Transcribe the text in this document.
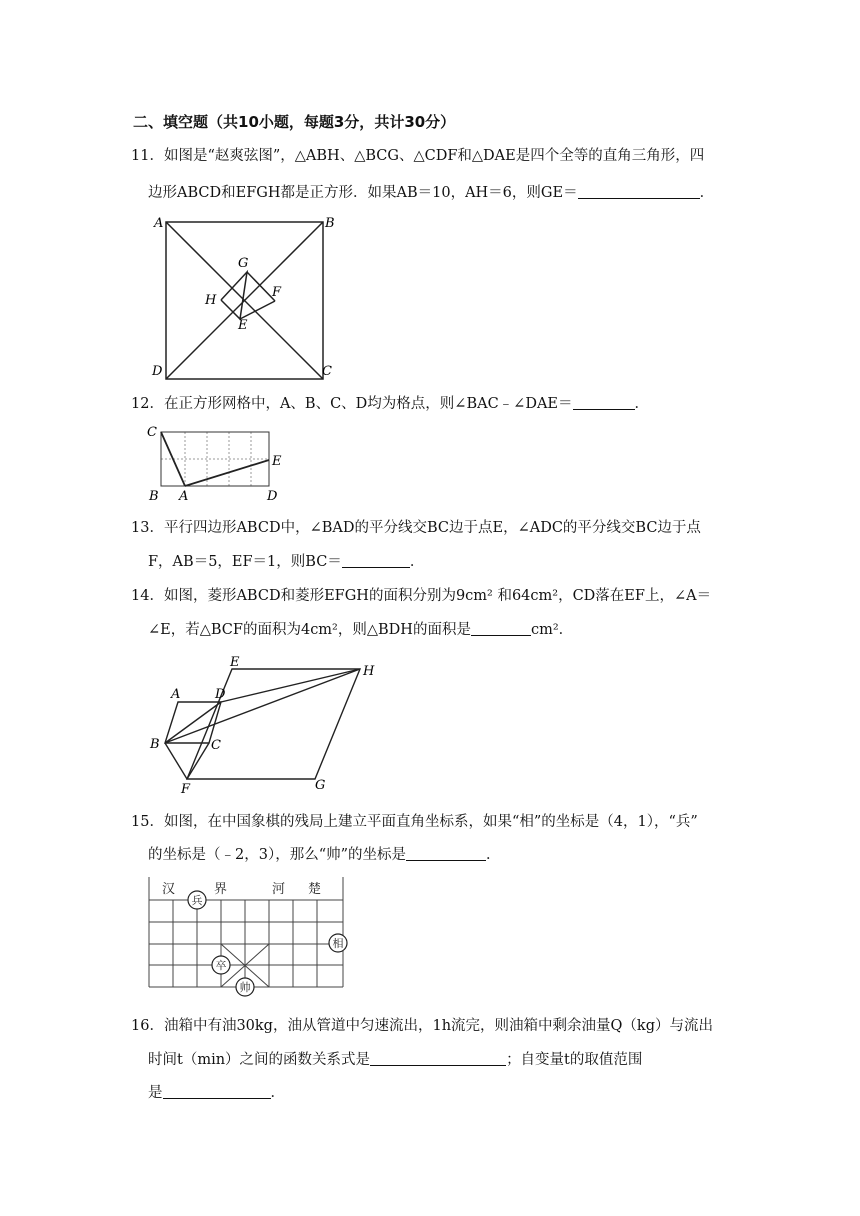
二、填空题（共10小题，每题3分，共计30分）
11．如图是“赵爽弦图”，△ABH、△BCG、△CDF和△DAE是四个全等的直角三角形，四
边形ABCD和EFGH都是正方形．如果AB＝10，AH＝6，则GE＝	．
A	B
C
D
G
H
F
E
12．在正方形网格中，A、B、C、D均为格点，则∠BAC﹣∠DAE＝	．
C
E
B A	D
13．平行四边形ABCD中，∠BAD的平分线交BC边于点E，∠ADC的平分线交BC边于点
F，AB＝5，EF＝1，则BC＝	．
14．如图，菱形ABCD和菱形EFGH的面积分别为9cm² 和64cm²，CD落在EF上，∠A＝
∠E，若△BCF的面积为4cm²，则△BDH的面积是	cm²．
E
H
A	D
B	C
F	G
15．如图，在中国象棋的残局上建立平面直角坐标系，如果“相”的坐标是（4，1），“兵”
的坐标是（﹣2，3），那么“帅”的坐标是	．
汉	界	河 楚
兵
相
卒
帅
16．油箱中有油30kg，油从管道中匀速流出，1h流完，则油箱中剩余油量Q（kg）与流出
时间t（min）之间的函数关系式是	；自变量t的取值范围
是	．
